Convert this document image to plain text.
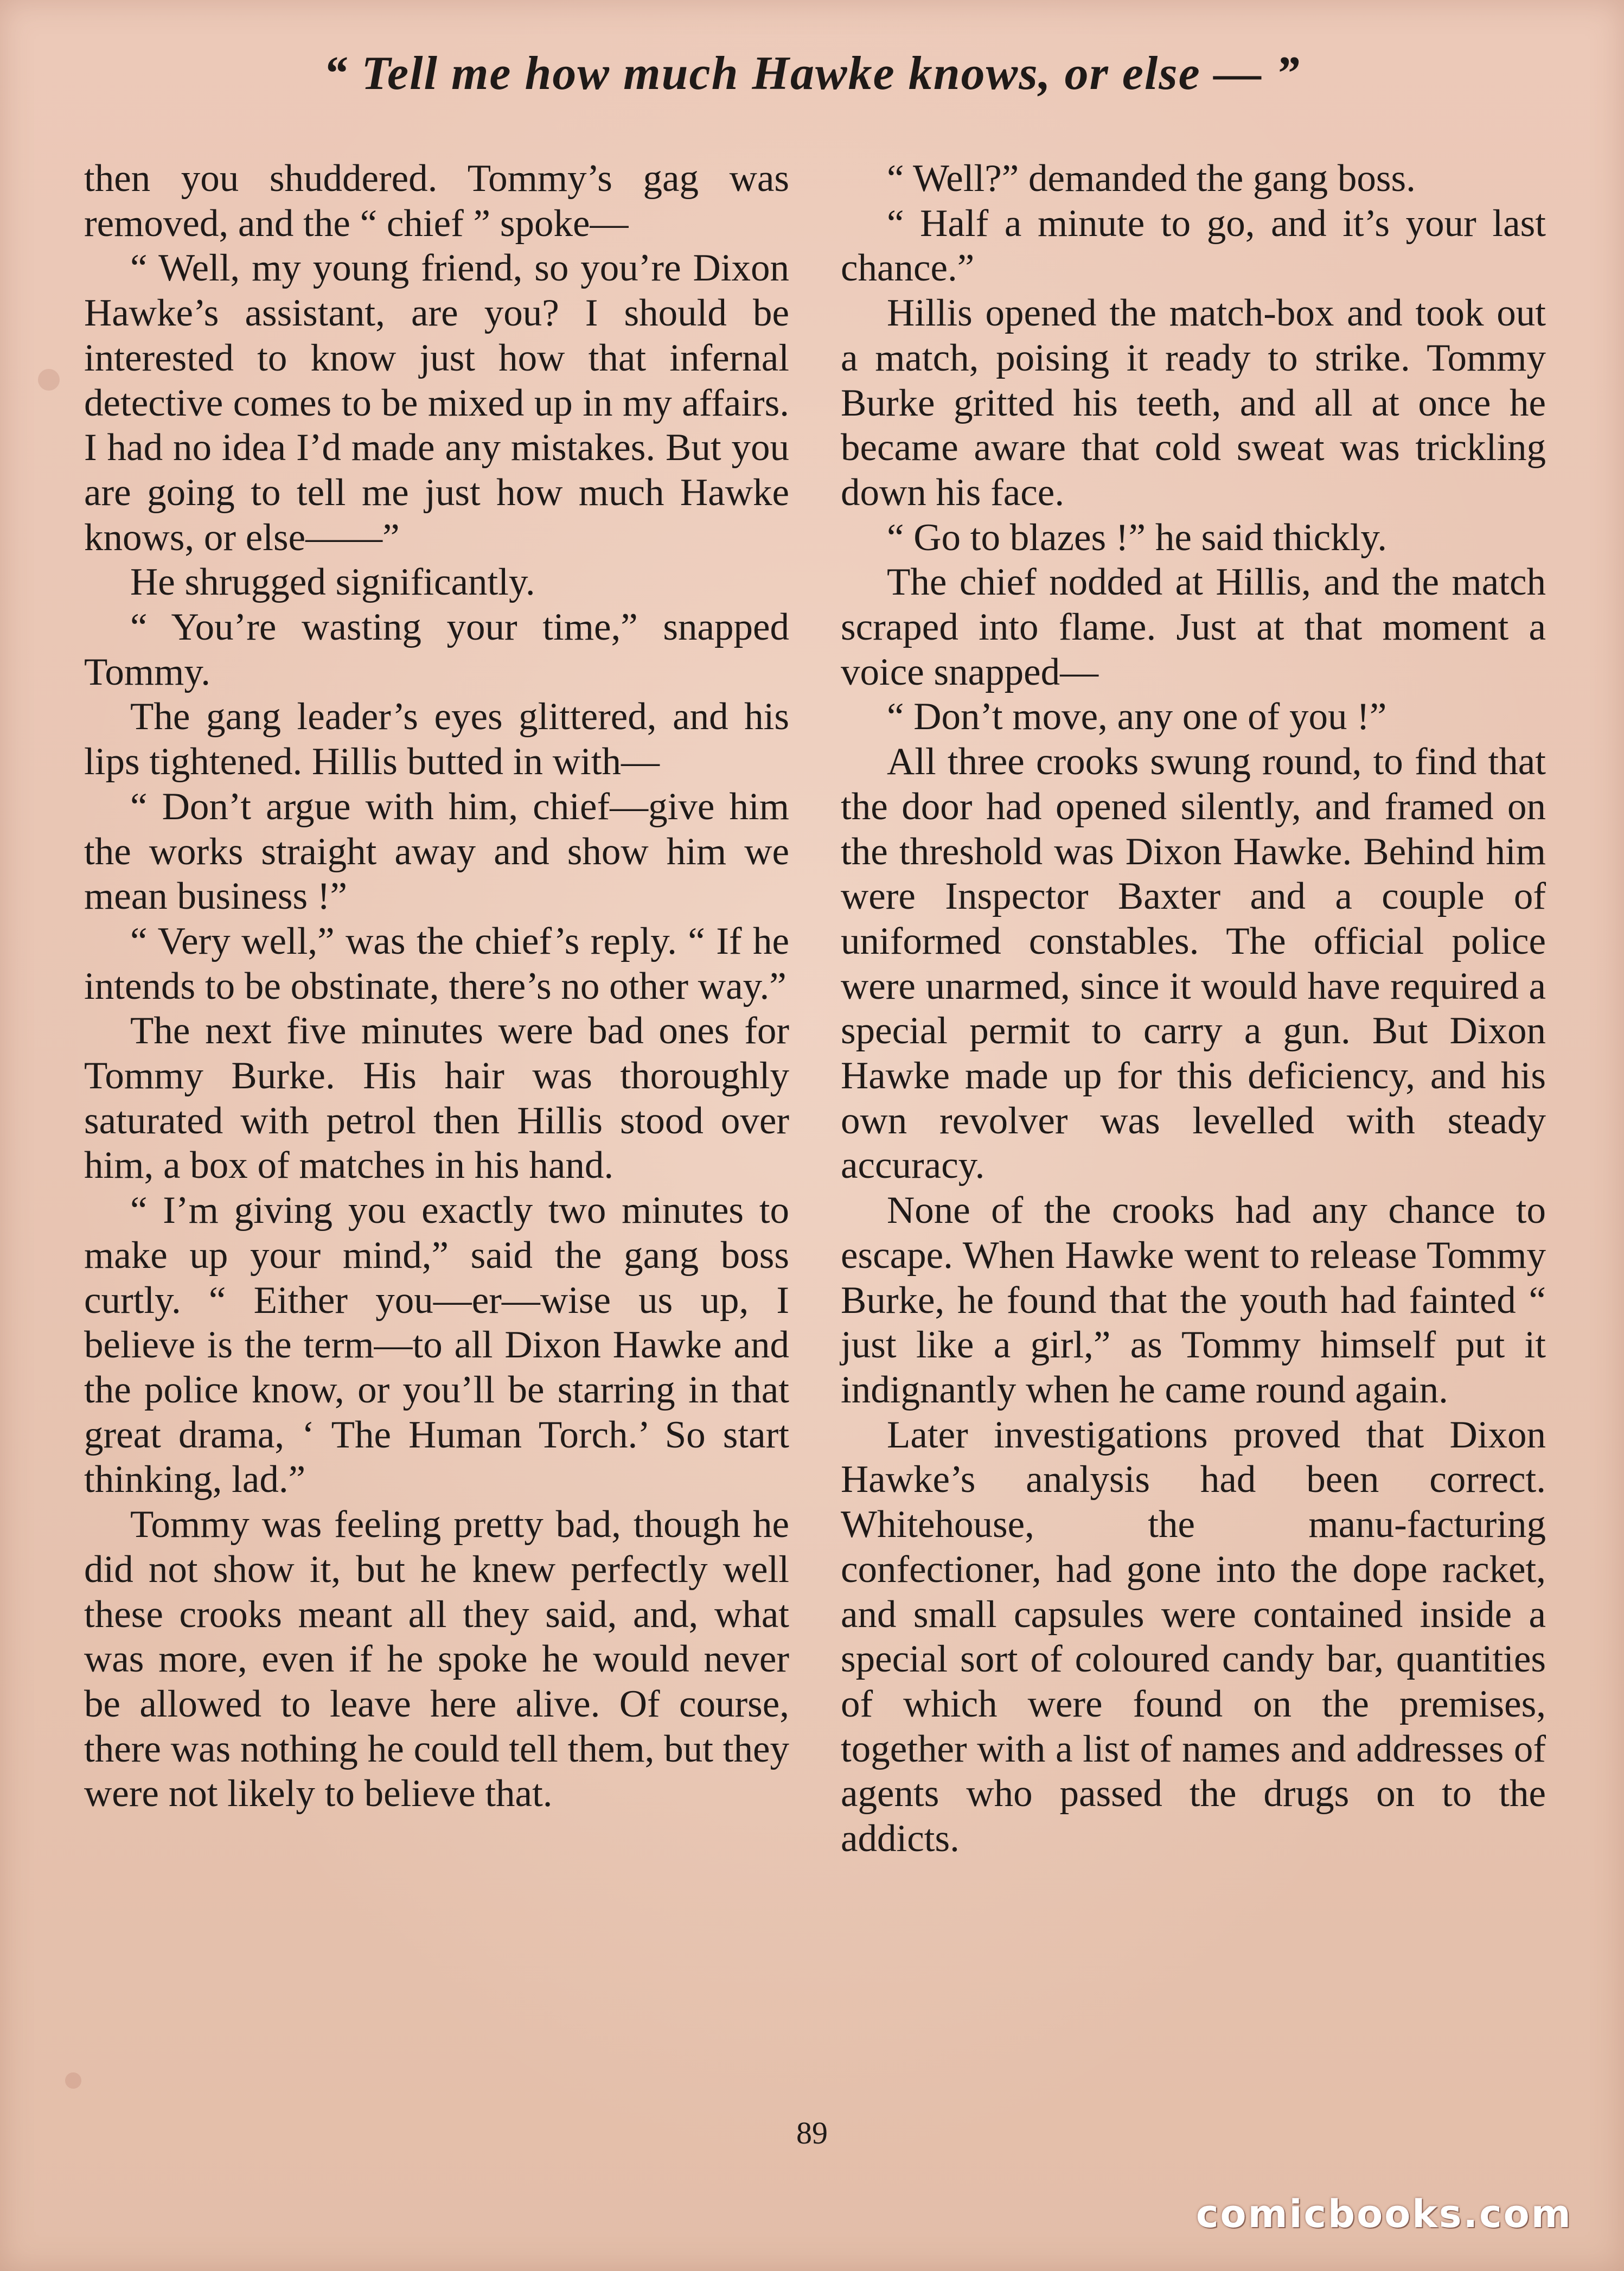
“ Tell me how much Hawke knows, or else — ”

then you shuddered. Tommy’s gag was removed, and the “ chief ” spoke—

“ Well, my young friend, so you’re Dixon Hawke’s assistant, are you? I should be interested to know just how that infernal detective comes to be mixed up in my affairs. I had no idea I’d made any mistakes. But you are going to tell me just how much Hawke knows, or else——”

He shrugged significantly.

“ You’re wasting your time,” snapped Tommy.

The gang leader’s eyes glittered, and his lips tightened. Hillis butted in with—

“ Don’t argue with him, chief—give him the works straight away and show him we mean business !”

“ Very well,” was the chief’s reply. “ If he intends to be obstinate, there’s no other way.”

The next five minutes were bad ones for Tommy Burke. His hair was thoroughly saturated with petrol then Hillis stood over him, a box of matches in his hand.

“ I’m giving you exactly two minutes to make up your mind,” said the gang boss curtly. “ Either you—er—wise us up, I believe is the term—to all Dixon Hawke and the police know, or you’ll be starring in that great drama, ‘ The Human Torch.’ So start thinking, lad.”

Tommy was feeling pretty bad, though he did not show it, but he knew perfectly well these crooks meant all they said, and, what was more, even if he spoke he would never be allowed to leave here alive. Of course, there was nothing he could tell them, but they were not likely to believe that.

“ Well?” demanded the gang boss.

“ Half a minute to go, and it’s your last chance.”

Hillis opened the match-box and took out a match, poising it ready to strike. Tommy Burke gritted his teeth, and all at once he became aware that cold sweat was trickling down his face.

“ Go to blazes !” he said thickly.

The chief nodded at Hillis, and the match scraped into flame. Just at that moment a voice snapped—

“ Don’t move, any one of you !”

All three crooks swung round, to find that the door had opened silently, and framed on the threshold was Dixon Hawke. Behind him were Inspector Baxter and a couple of uniformed constables. The official police were unarmed, since it would have required a special permit to carry a gun. But Dixon Hawke made up for this deficiency, and his own revolver was levelled with steady accuracy.

None of the crooks had any chance to escape. When Hawke went to release Tommy Burke, he found that the youth had fainted “ just like a girl,” as Tommy himself put it indignantly when he came round again.

Later investigations proved that Dixon Hawke’s analysis had been correct. Whitehouse, the manu-facturing confectioner, had gone into the dope racket, and small capsules were contained inside a special sort of coloured candy bar, quantities of which were found on the premises, together with a list of names and addresses of agents who passed the drugs on to the addicts.

89
comicbooks.com
